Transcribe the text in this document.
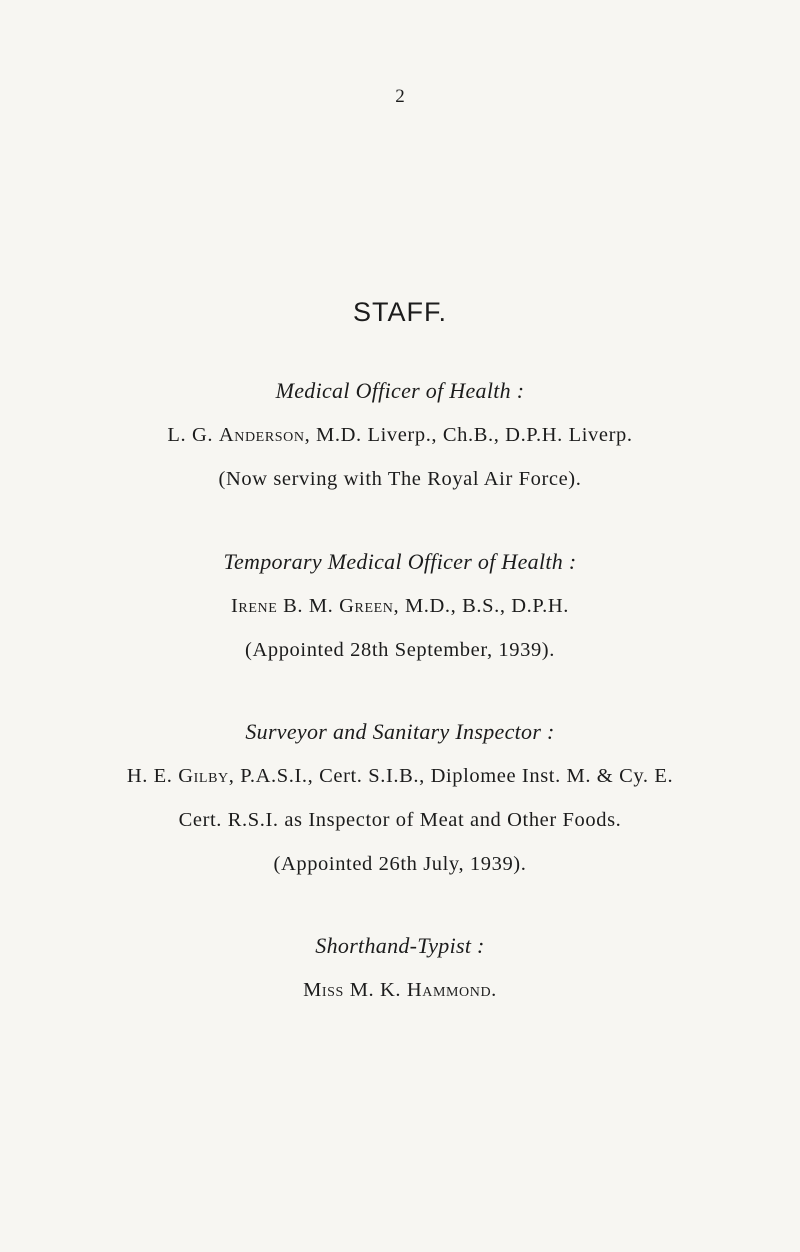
2
STAFF.
Medical Officer of Health :
L. G. Anderson, M.D. Liverp., Ch.B., D.P.H. Liverp.
(Now serving with The Royal Air Force).
Temporary Medical Officer of Health :
Irene B. M. Green, M.D., B.S., D.P.H.
(Appointed 28th September, 1939).
Surveyor and Sanitary Inspector :
H. E. Gilby, P.A.S.I., Cert. S.I.B., Diplomee Inst. M. & Cy. E.
Cert. R.S.I. as Inspector of Meat and Other Foods.
(Appointed 26th July, 1939).
Shorthand-Typist :
Miss M. K. Hammond.
